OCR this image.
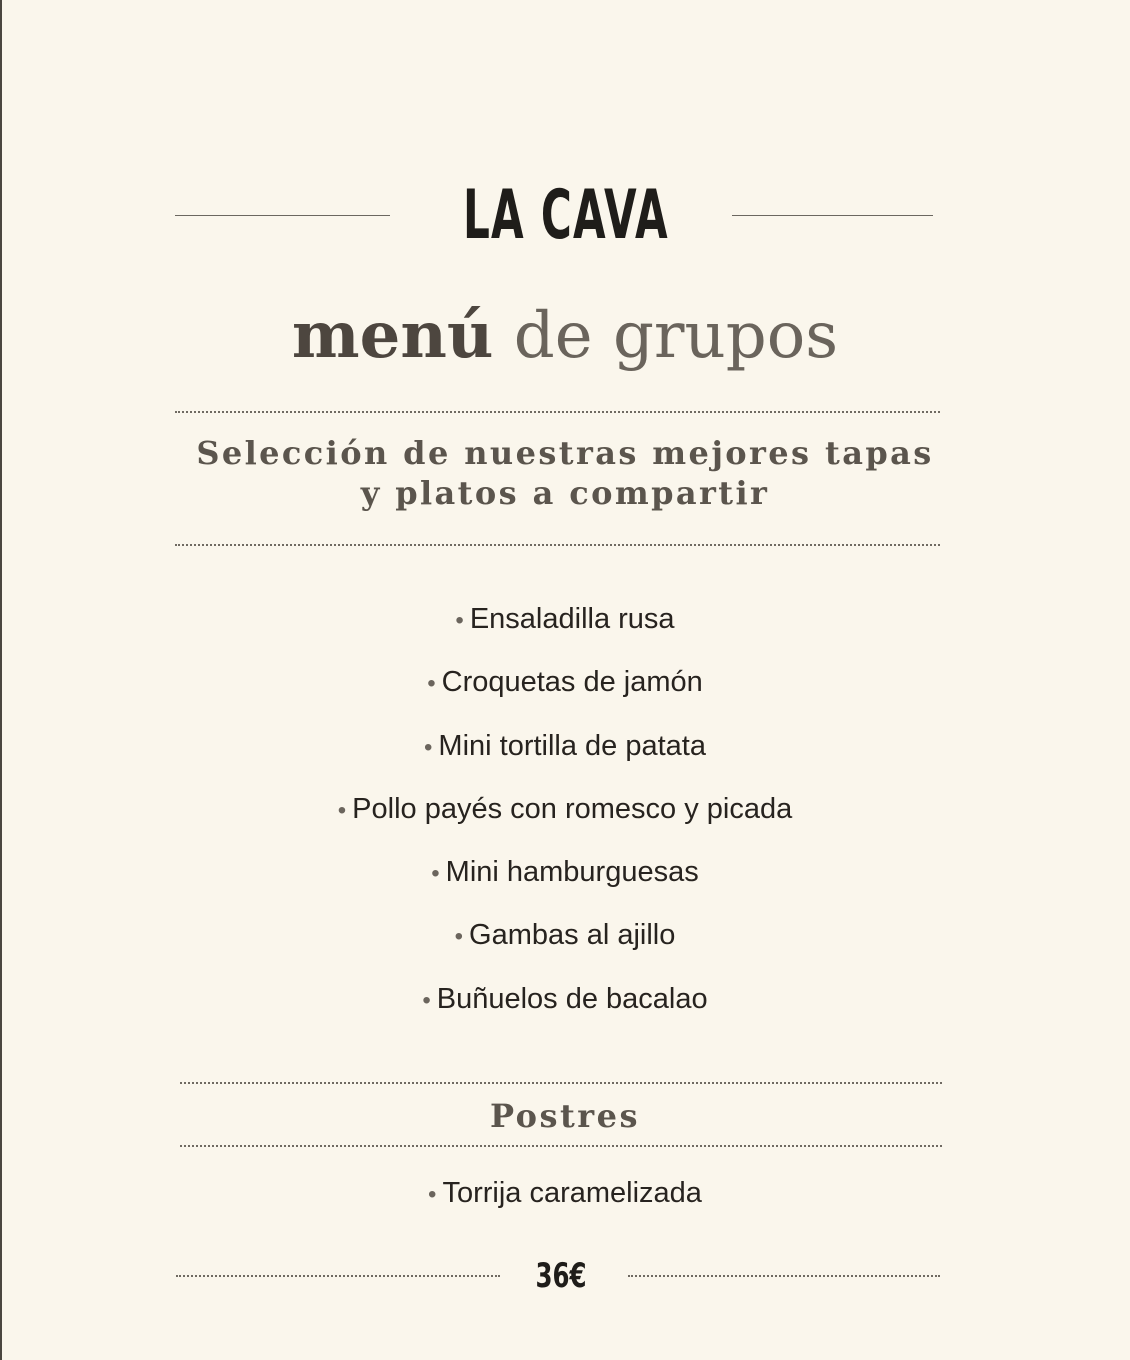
LA CAVA
menú de grupos
Selección de nuestras mejores tapas
y platos a compartir
• Ensaladilla rusa
• Croquetas de jamón
• Mini tortilla de patata
• Pollo payés con romesco y picada
• Mini hamburguesas
• Gambas al ajillo
• Buñuelos de bacalao
Postres
• Torrija caramelizada
36€
